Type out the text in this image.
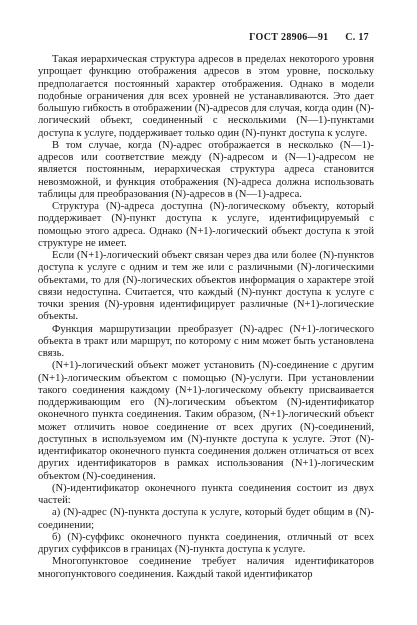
ГОСТ 28906—91 С. 17

Такая иерархическая структура адресов в пределах некоторого уровня упрощает функцию отображения адресов в этом уровне, поскольку предполагается постоянный характер отображения. Однако в модели подобные ограничения для всех уровней не устанавливаются. Это дает большую гибкость в отображении (N)-адресов для случая, когда один (N)-логический объект, соединенный с несколькими (N—1)-пунктами доступа к услуге, поддерживает только один (N)-пункт доступа к услуге.

В том случае, когда (N)-адрес отображается в несколько (N—1)-адресов или соответствие между (N)-адресом и (N—1)-адресом не является постоянным, иерархическая структура адреса становится невозможной, и функция отображения (N)-адреса должна использовать таблицы для преобразования (N)-адресов в (N—1)-адреса.

Структура (N)-адреса доступна (N)-логическому объекту, который поддерживает (N)-пункт доступа к услуге, идентифицируемый с помощью этого адреса. Однако (N+1)-логический объект доступа к этой структуре не имеет.

Если (N+1)-логический объект связан через два или более (N)-пунктов доступа к услуге с одним и тем же или с различными (N)-логическими объектами, то для (N)-логических объектов информация о характере этой связи недоступна. Считается, что каждый (N)-пункт доступа к услуге с точки зрения (N)-уровня идентифицирует различные (N+1)-логические объекты.

Функция маршрутизации преобразует (N)-адрес (N+1)-логического объекта в тракт или маршрут, по которому с ним может быть установлена связь.

(N+1)-логический объект может установить (N)-соединение с другим (N+1)-логическим объектом с помощью (N)-услуги. При установлении такого соединения каждому (N+1)-логическому объекту присваивается поддерживающим его (N)-логическим объектом (N)-идентификатор оконечного пункта соединения. Таким образом, (N+1)-логический объект может отличить новое соединение от всех других (N)-соединений, доступных в используемом им (N)-пункте доступа к услуге. Этот (N)-идентификатор оконечного пункта соединения должен отличаться от всех других идентификаторов в рамках использования (N+1)-логическим объектом (N)-соединения.

(N)-идентификатор оконечного пункта соединения состоит из двух частей:

а) (N)-адрес (N)-пункта доступа к услуге, который будет общим в (N)-соединении;

б) (N)-суффикс оконечного пункта соединения, отличный от всех других суффиксов в границах (N)-пункта доступа к услуге.

Многопунктовое соединение требует наличия идентификаторов многопунктового соединения. Каждый такой идентификатор
